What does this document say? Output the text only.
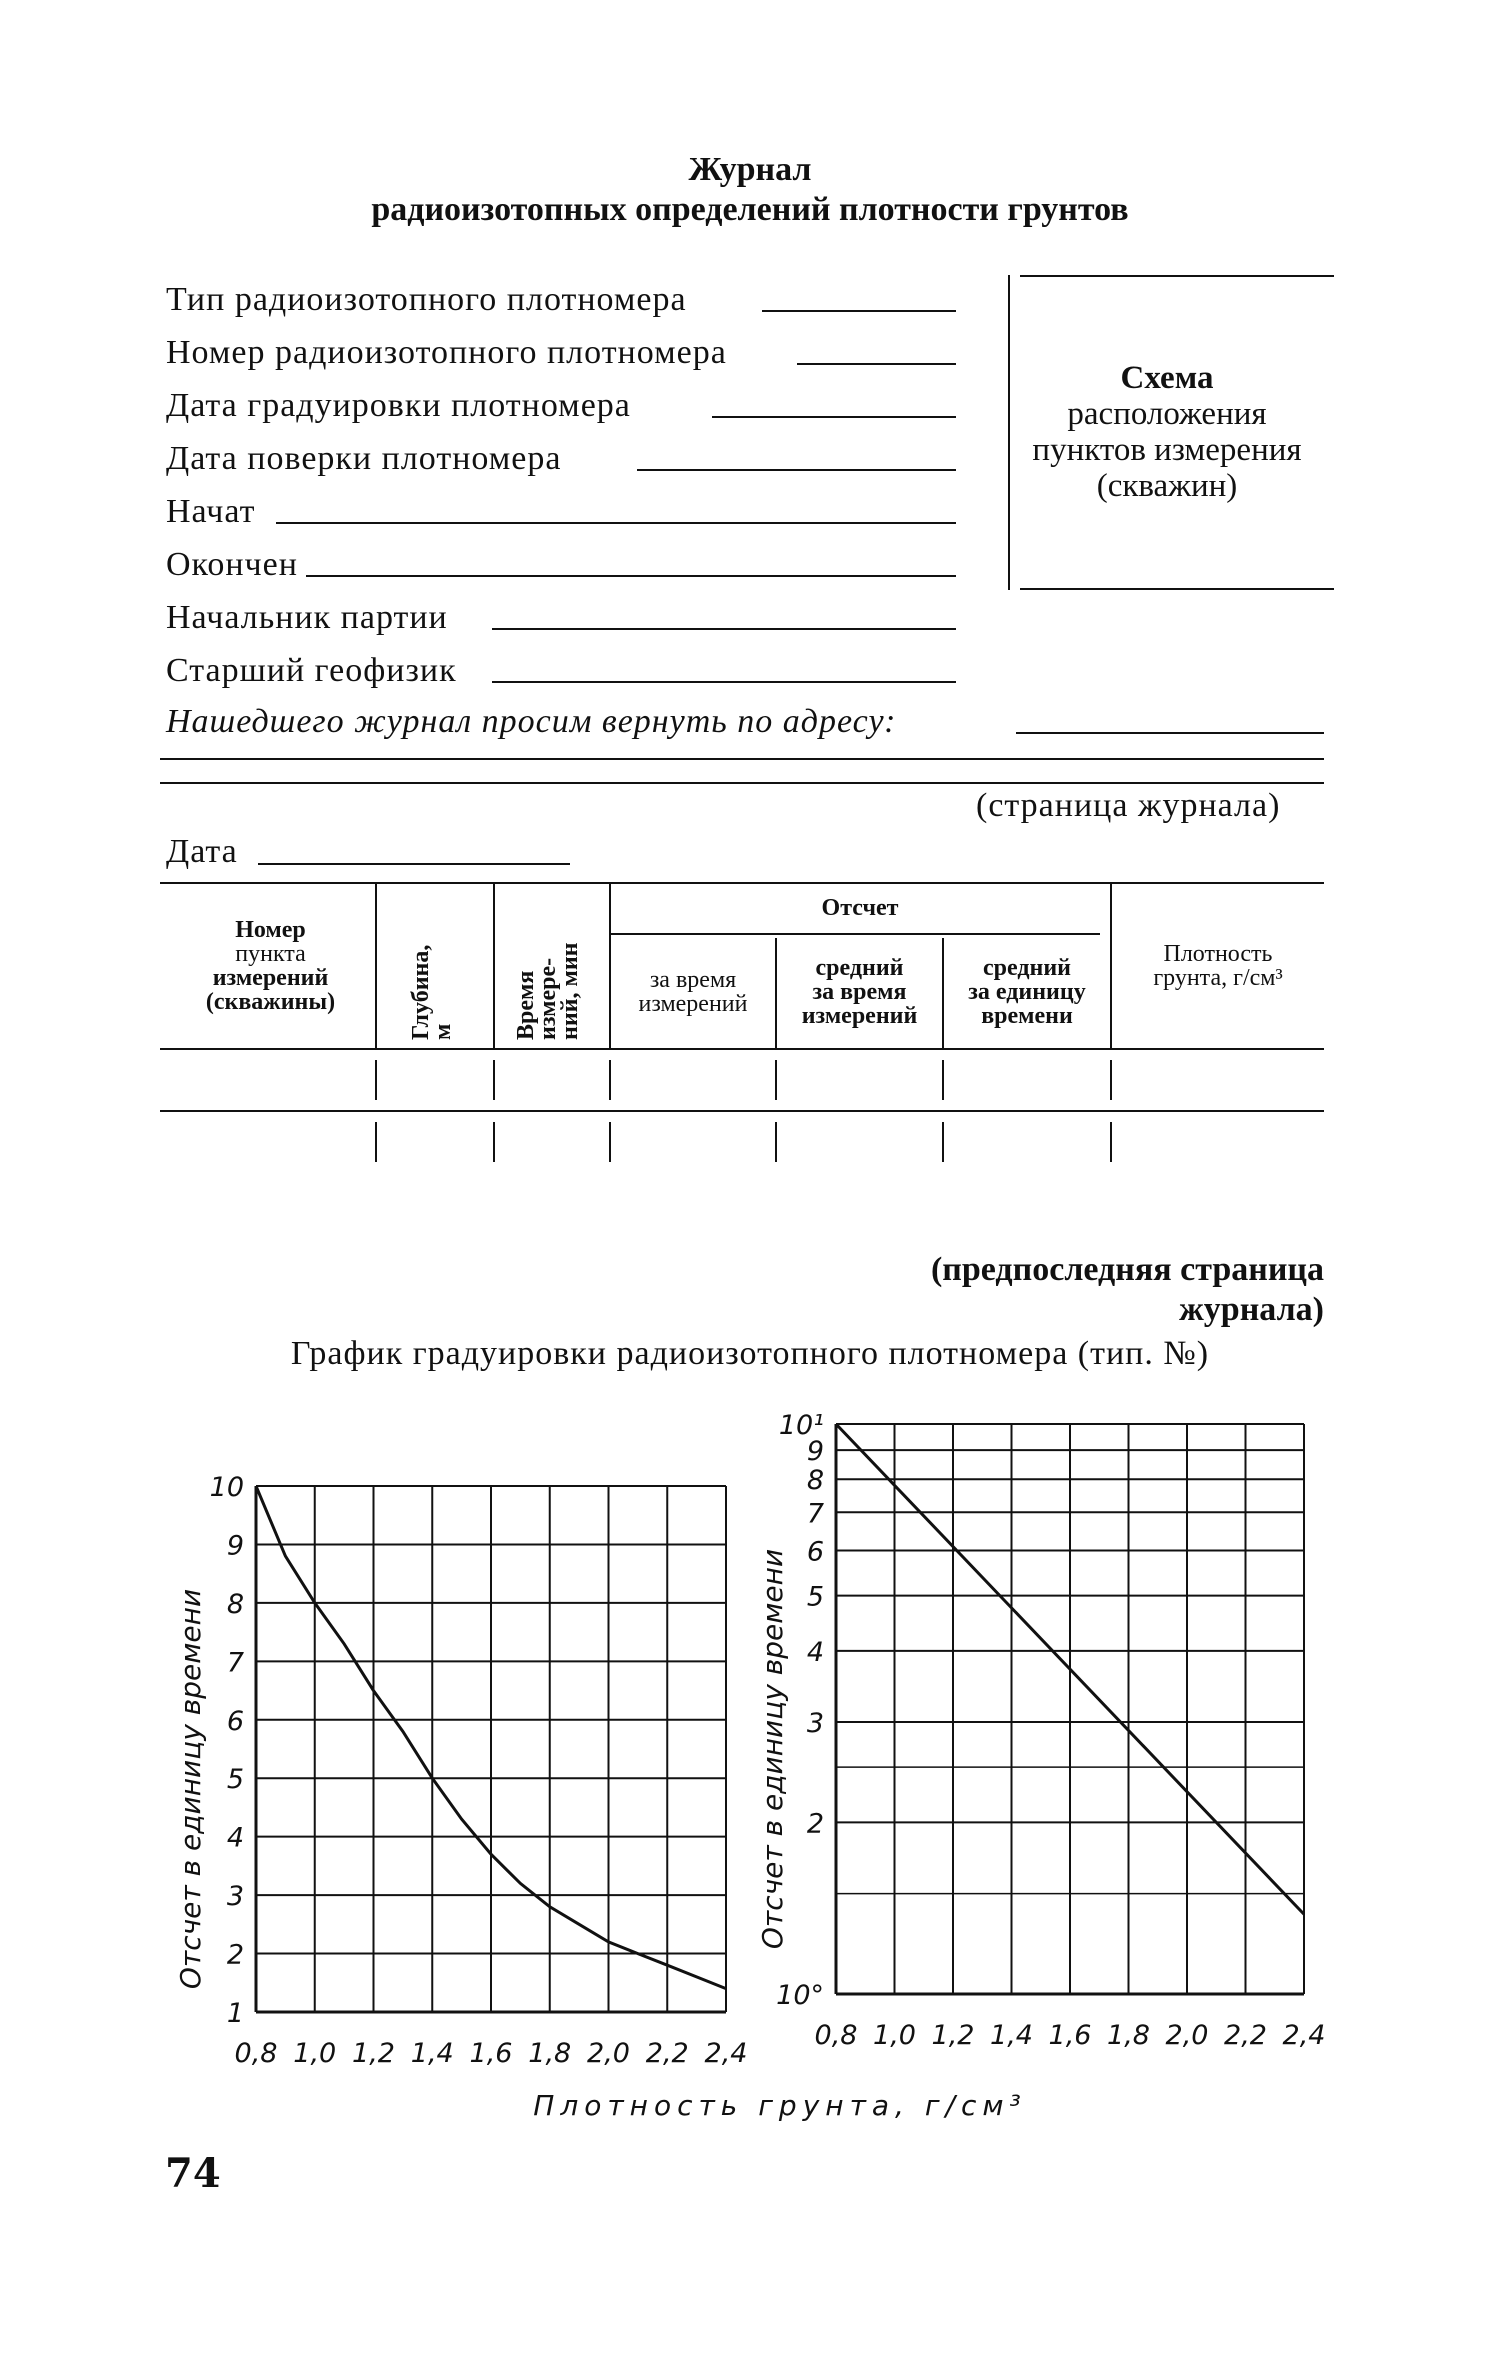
Журнал
радиоизотопных определений плотности грунтов
Тип радиоизотопного плотномера
Номер радиоизотопного плотномера
Дата градуировки плотномера
Дата поверки плотномера
Начат
Окончен
Начальник партии
Старший геофизик
Схема
расположения
пунктов измерения
(скважин)
Нашедшего журнал просим вернуть по адресу:
(страница журнала)
Дата
Номер
пункта
измерений
(скважины)	Глубина,
м Время
измере-
ний, мин
Отсчет
за время
измерений
средний
за время
измерений
средний
за единицу
времени
Плотность
грунта, г/см³
(предпоследняя страница
журнала)
График градуировки радиоизотопного плотномера (тип. №)
0,8 1,0 1,2 1,4 1,6 1,8 2,0 2,2 2,4
1
2
3
4
5
6
7
8
9
10
Отсчет в единицу времени
0,8 1,0 1,2 1,4 1,6 1,8 2,0 2,2 2,4
10°
2
3
4
5
6
7
8
9
10¹
Отсчет в единицу времени
Плотность грунта, г/см³
74
